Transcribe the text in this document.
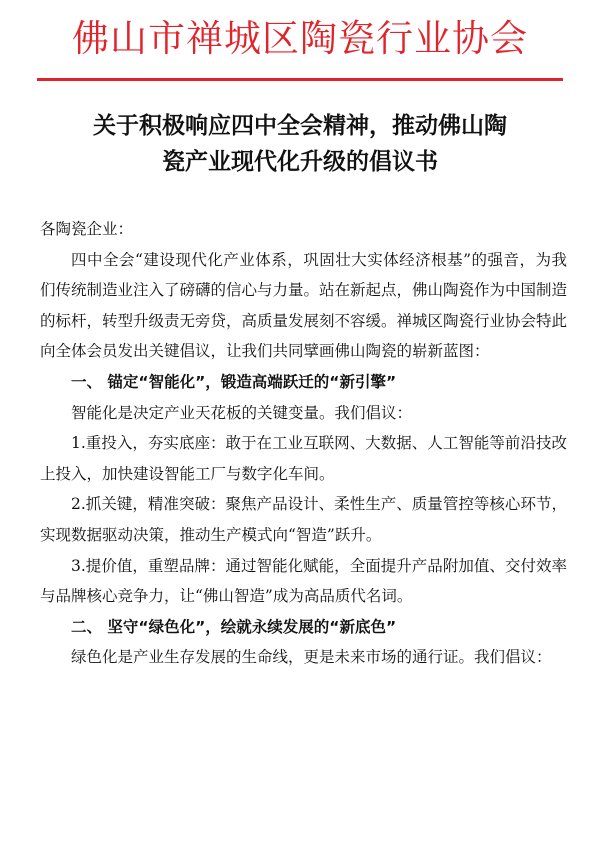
佛山市禅城区陶瓷行业协会
关于积极响应四中全会精神，推动佛山陶
瓷产业现代化升级的倡议书

各陶瓷企业：

四中全会“建设现代化产业体系，巩固壮大实体经济根基”的强音，为我们传统制造业注入了磅礴的信心与力量。站在新起点，佛山陶瓷作为中国制造的标杆，转型升级责无旁贷，高质量发展刻不容缓。禅城区陶瓷行业协会特此向全体会员发出关键倡议，让我们共同擘画佛山陶瓷的崭新蓝图：

一、 锚定“智能化”，锻造高端跃迁的“新引擎”

智能化是决定产业天花板的关键变量。我们倡议：

1.重投入，夯实底座：敢于在工业互联网、大数据、人工智能等前沿技改上投入，加快建设智能工厂与数字化车间。

2.抓关键，精准突破：聚焦产品设计、柔性生产、质量管控等核心环节，实现数据驱动决策，推动生产模式向“智造”跃升。

3.提价值，重塑品牌：通过智能化赋能，全面提升产品附加值、交付效率与品牌核心竞争力，让“佛山智造”成为高品质代名词。

二、 坚守“绿色化”，绘就永续发展的“新底色”

绿色化是产业生存发展的生命线，更是未来市场的通行证。我们倡议：
